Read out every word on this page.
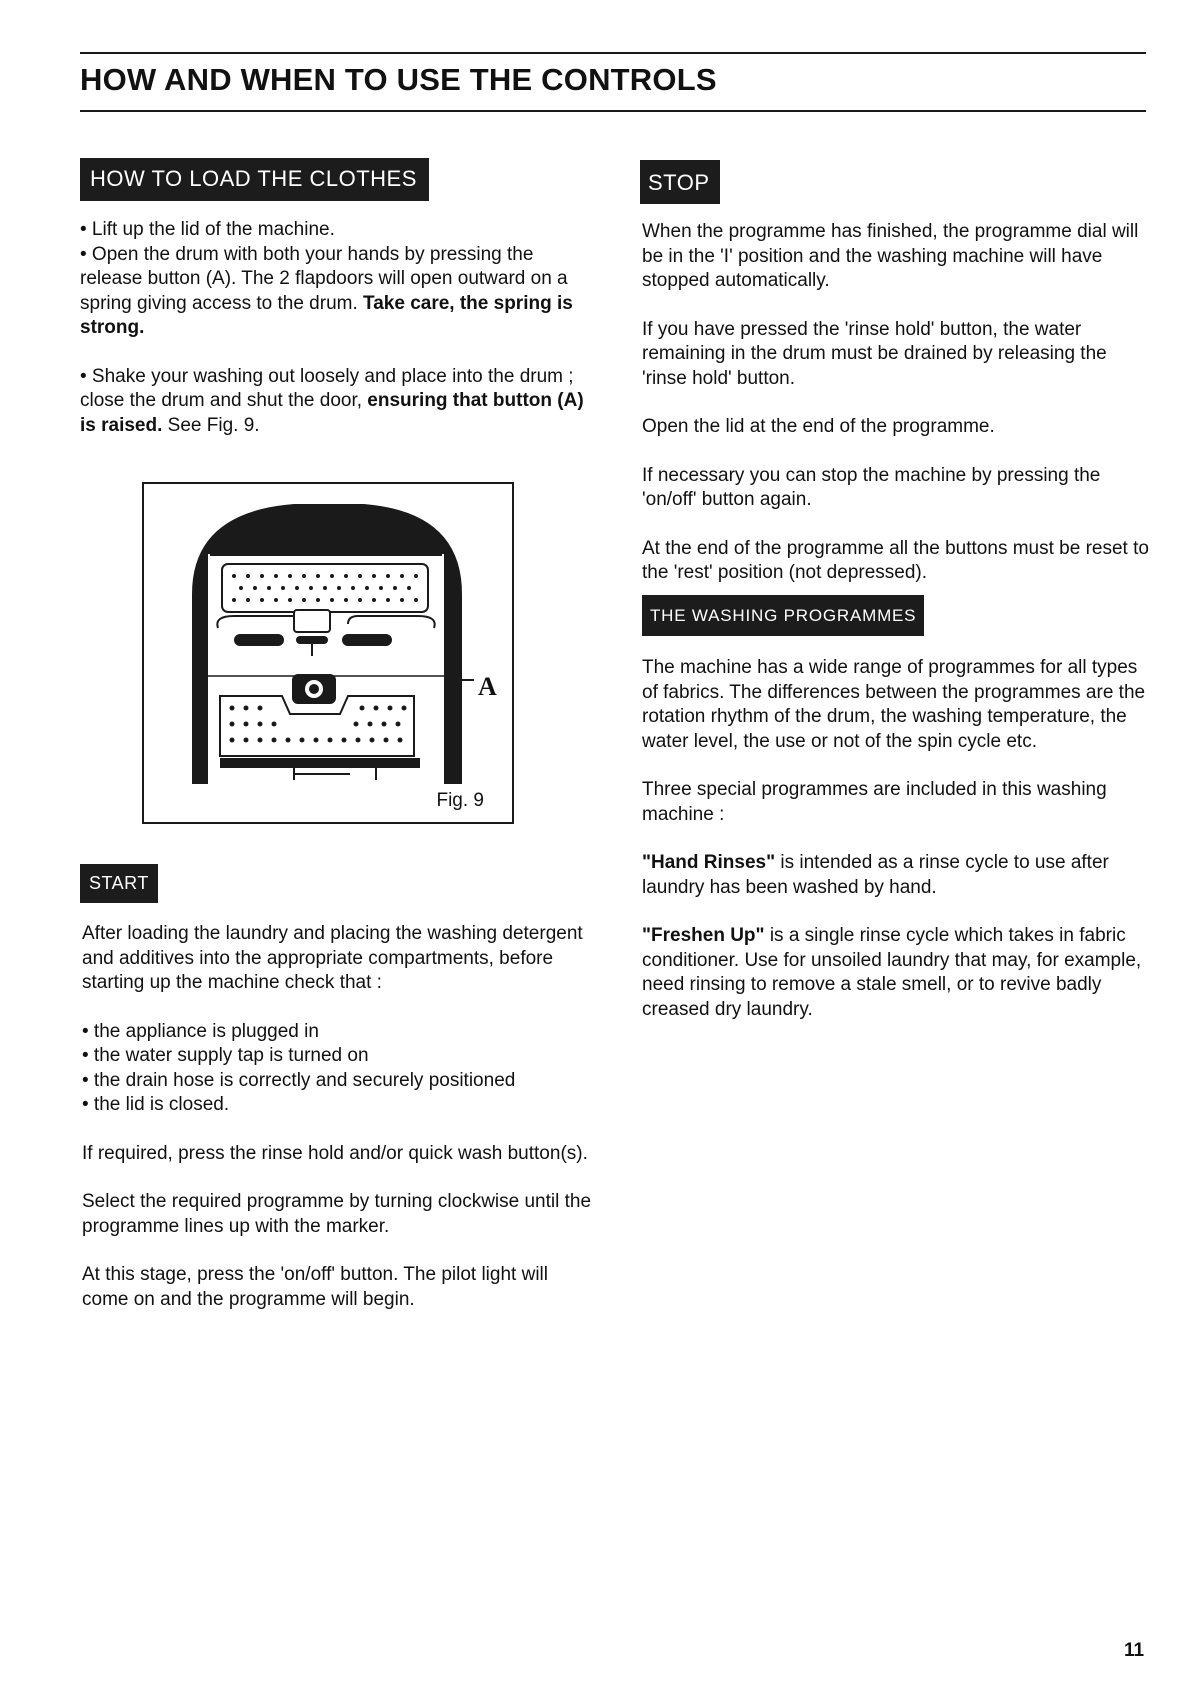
HOW AND WHEN TO USE THE CONTROLS
HOW TO LOAD THE CLOTHES

• Lift up the lid of the machine.

• Open the drum with both your hands by pressing the release button (A). The 2 flapdoors will open outward on a spring giving access to the drum. Take care, the spring is strong.

• Shake your washing out loosely and place into the drum ; close the drum and shut the door, ensuring that button (A) is raised. See Fig. 9.

A
Fig. 9
START

After loading the laundry and placing the washing detergent and additives into the appropriate compartments, before starting up the machine check that :

• the appliance is plugged in
• the water supply tap is turned on
• the drain hose is correctly and securely positioned
• the lid is closed.

If required, press the rinse hold and/or quick wash button(s).

Select the required programme by turning clockwise until the programme lines up with the marker.

At this stage, press the 'on/off' button. The pilot light will come on and the programme will begin.

STOP

When the programme has finished, the programme dial will be in the 'I' position and the washing machine will have stopped automatically.

If you have pressed the 'rinse hold' button, the water remaining in the drum must be drained by releasing the 'rinse hold' button.

Open the lid at the end of the programme.

If necessary you can stop the machine by pressing the 'on/off' button again.

At the end of the programme all the buttons must be reset to the 'rest' position (not depressed).

THE WASHING PROGRAMMES

The machine has a wide range of programmes for all types of fabrics. The differences between the programmes are the rotation rhythm of the drum, the washing temperature, the water level, the use or not of the spin cycle etc.

Three special programmes are included in this washing machine :

"Hand Rinses" is intended as a rinse cycle to use after laundry has been washed by hand.

"Freshen Up" is a single rinse cycle which takes in fabric conditioner. Use for unsoiled laundry that may, for example, need rinsing to remove a stale smell, or to revive badly creased dry laundry.

11
